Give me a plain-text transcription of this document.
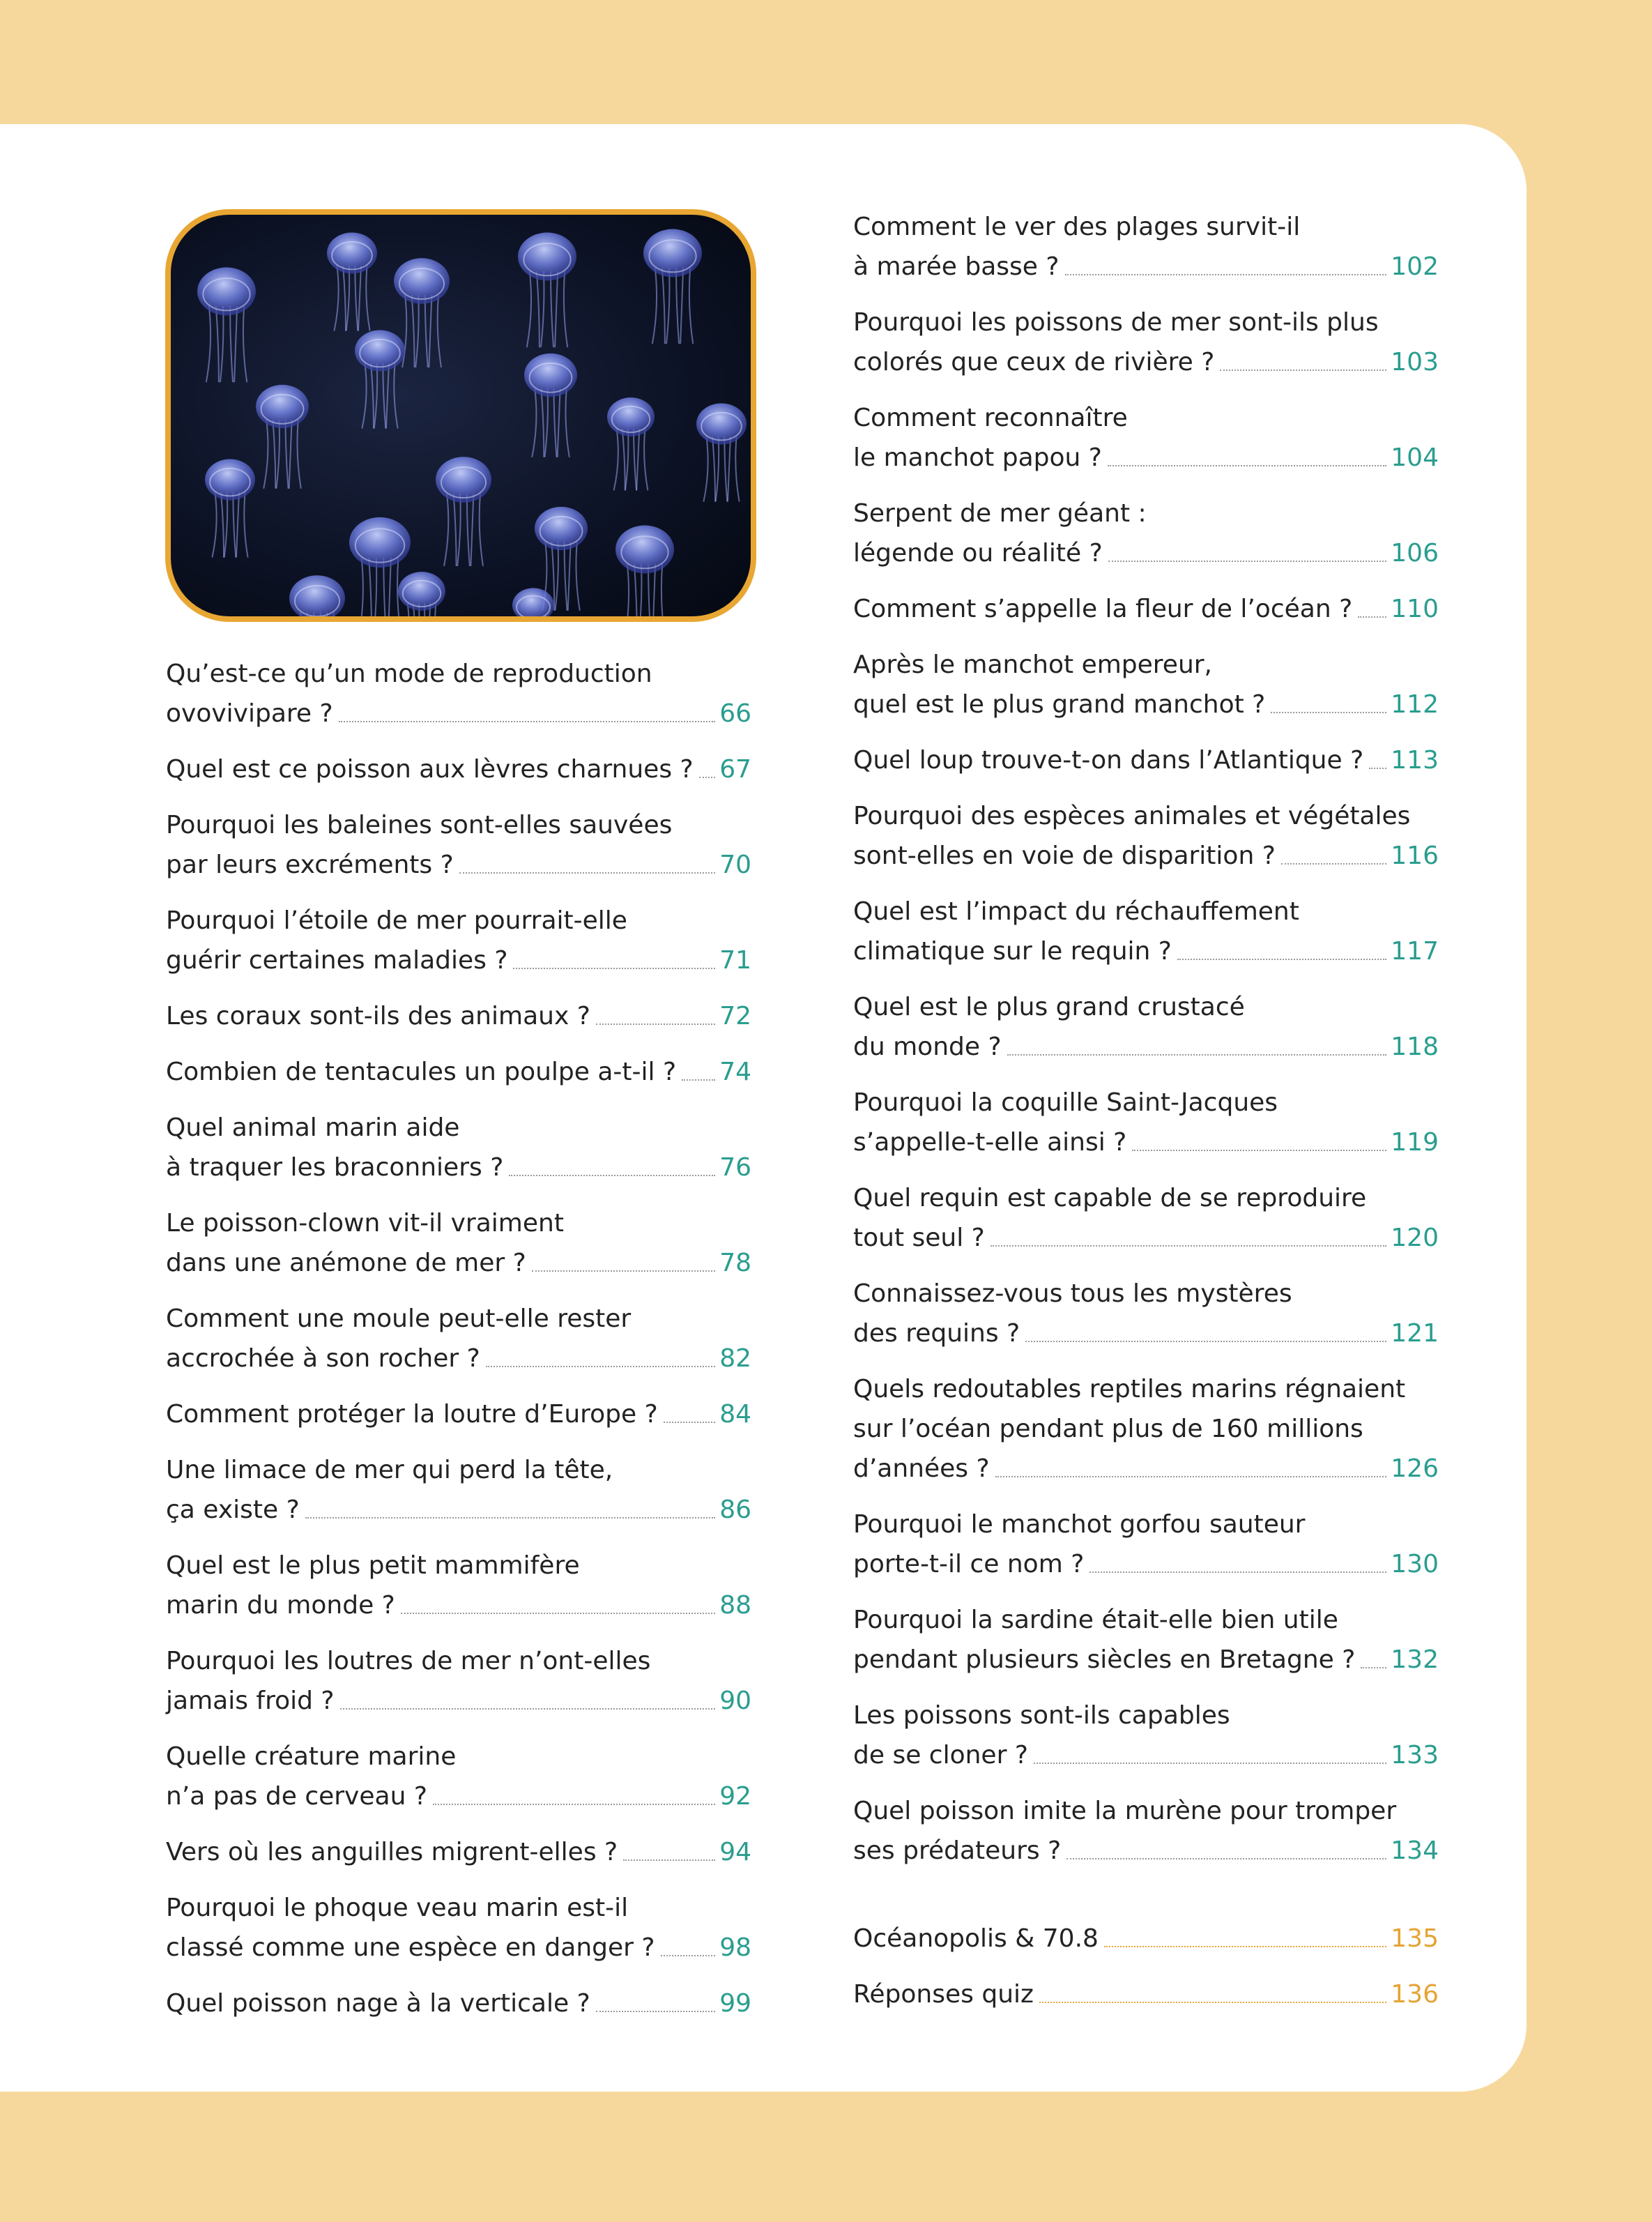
Qu’est-ce qu’un mode de reproduction
ovovivipare ?	66
Quel est ce poisson aux lèvres charnues ? 67
Pourquoi les baleines sont-elles sauvées
par leurs excréments ?	70
Pourquoi l’étoile de mer pourrait-elle
guérir certaines maladies ?	71
Les coraux sont-ils des animaux ?	72
Combien de tentacules un poulpe a-t-il ? 74
Quel animal marin aide
à traquer les braconniers ?	76
Le poisson-clown vit-il vraiment
dans une anémone de mer ?	78
Comment une moule peut-elle rester
accrochée à son rocher ?	82
Comment protéger la loutre d’Europe ? 84
Une limace de mer qui perd la tête,
ça existe ?	86
Quel est le plus petit mammifère
marin du monde ?	88
Pourquoi les loutres de mer n’ont-elles
jamais froid ?	90
Quelle créature marine
n’a pas de cerveau ?	92
Vers où les anguilles migrent-elles ?	94
Pourquoi le phoque veau marin est-il
classé comme une espèce en danger ?	98
Quel poisson nage à la verticale ?	99
Comment le ver des plages survit-il
à marée basse ?	102
Pourquoi les poissons de mer sont-ils plus
colorés que ceux de rivière ?	103
Comment reconnaître
le manchot papou ?	104
Serpent de mer géant :
légende ou réalité ?	106
Comment s’appelle la fleur de l’océan ? 110
Après le manchot empereur,
quel est le plus grand manchot ?	112
Quel loup trouve-t-on dans l’Atlantique ? 113
Pourquoi des espèces animales et végétales
sont-elles en voie de disparition ?	116
Quel est l’impact du réchauffement
climatique sur le requin ?	117
Quel est le plus grand crustacé
du monde ?	118
Pourquoi la coquille Saint-Jacques
s’appelle-t-elle ainsi ?	119
Quel requin est capable de se reproduire
tout seul ?	120
Connaissez-vous tous les mystères
des requins ?	121
Quels redoutables reptiles marins régnaient
sur l’océan pendant plus de 160 millions
d’années ?	126
Pourquoi le manchot gorfou sauteur
porte-t-il ce nom ?	130
Pourquoi la sardine était-elle bien utile
pendant plusieurs siècles en Bretagne ? 132
Les poissons sont-ils capables
de se cloner ?	133
Quel poisson imite la murène pour tromper
ses prédateurs ?	134
Océanopolis & 70.8	135
Réponses quiz	136
